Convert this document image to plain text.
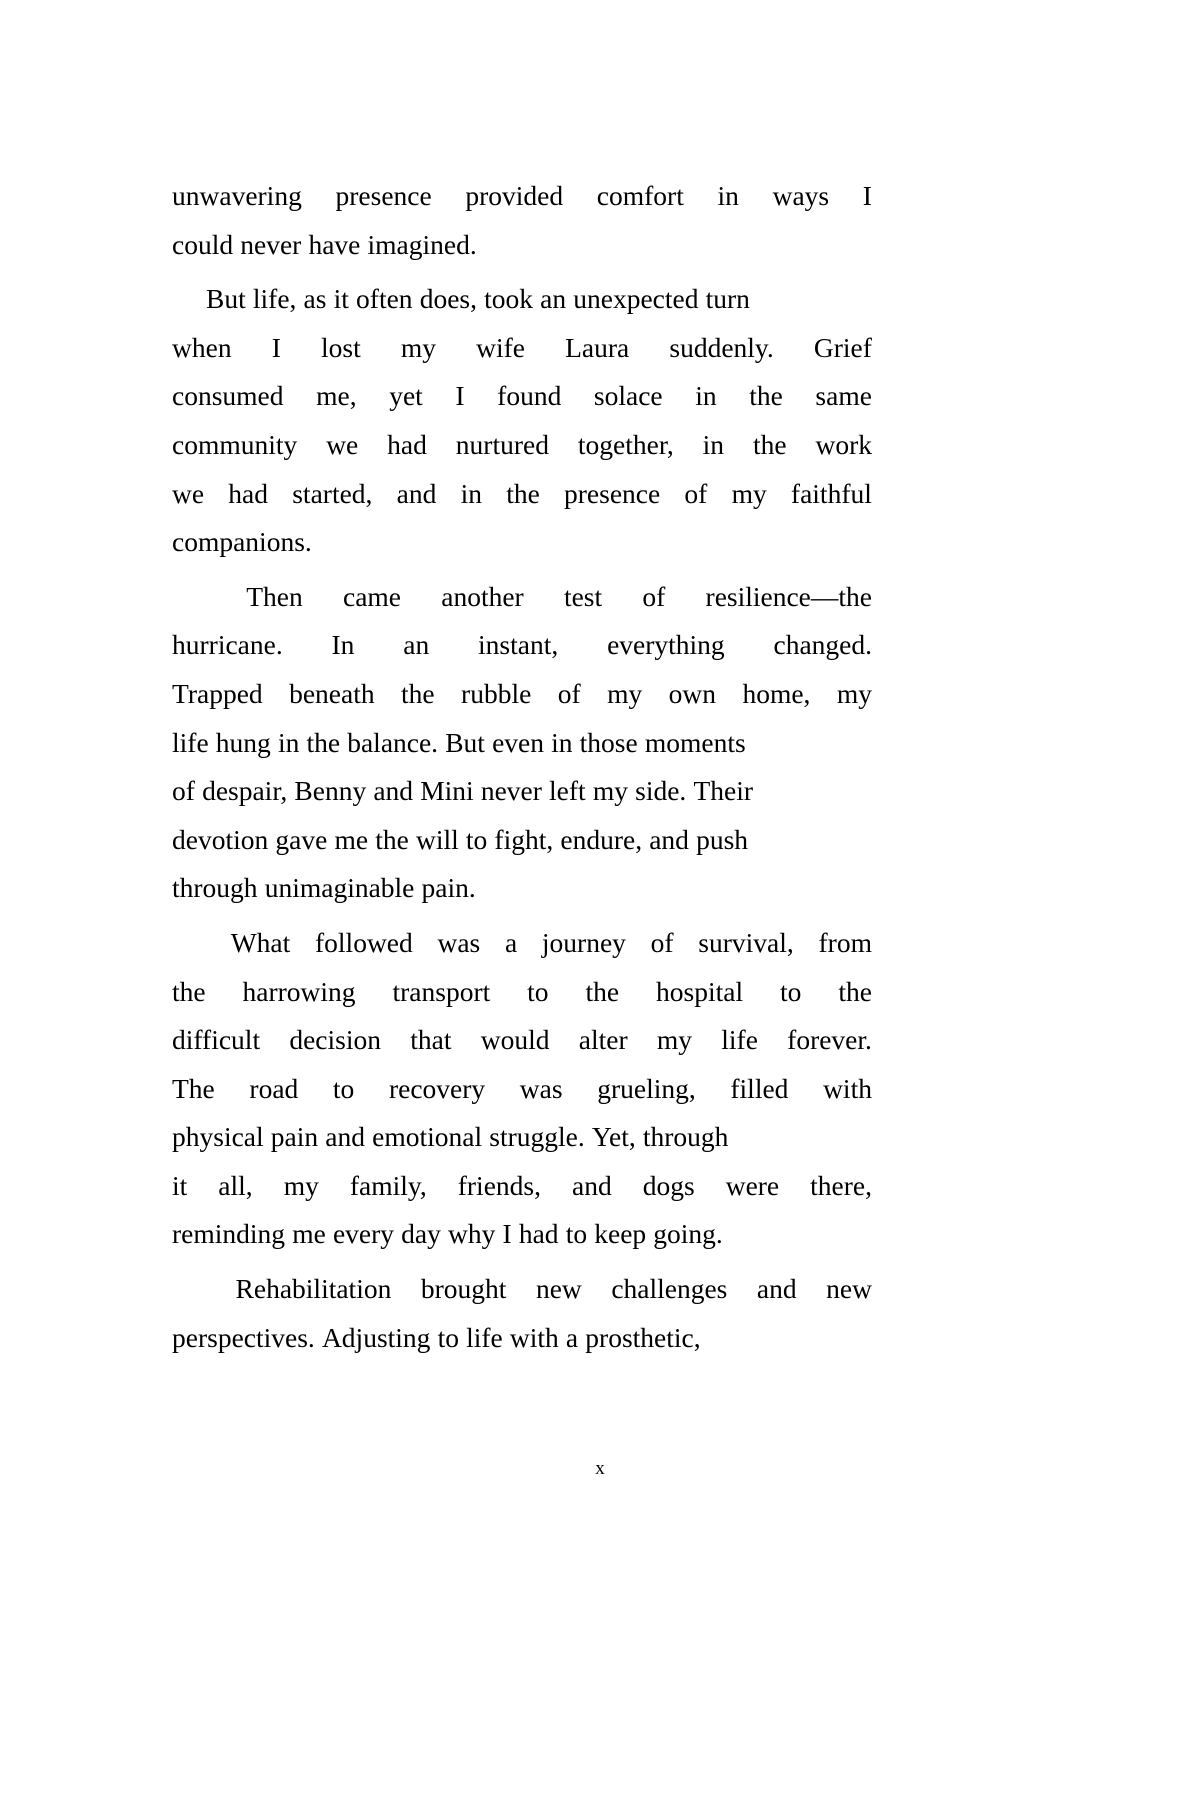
unwavering presence provided comfort in ways I
could never have imagined.
But life, as it often does, took an unexpected turn
when I lost my wife Laura suddenly. Grief
consumed me, yet I found solace in the same
community we had nurtured together, in the work
we had started, and in the presence of my faithful
companions.
Then came another test of resilience—the
hurricane. In an instant, everything changed.
Trapped beneath the rubble of my own home, my
life hung in the balance. But even in those moments
of despair, Benny and Mini never left my side. Their
devotion gave me the will to fight, endure, and push
through unimaginable pain.
What followed was a journey of survival, from
the harrowing transport to the hospital to the
difficult decision that would alter my life forever.
The road to recovery was grueling, filled with
physical pain and emotional struggle. Yet, through
it all, my family, friends, and dogs were there,
reminding me every day why I had to keep going.
Rehabilitation brought new challenges and new
perspectives. Adjusting to life with a prosthetic,
x
